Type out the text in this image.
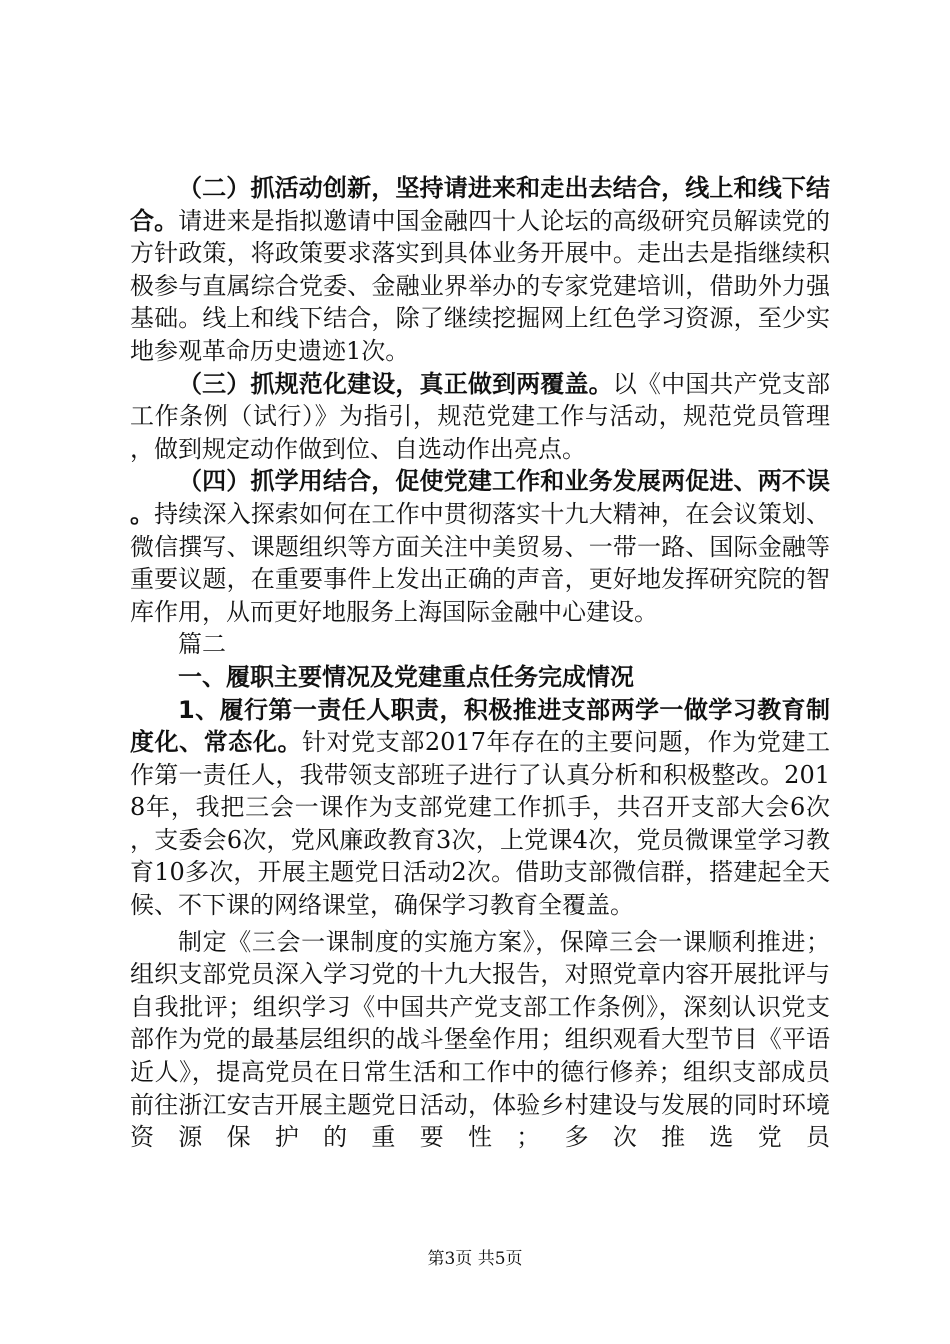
（二）抓活动创新，坚持请进来和走出去结合，线上和线下结合。请进来是指拟邀请中国金融四十人论坛的高级研究员解读党的方针政策，将政策要求落实到具体业务开展中。走出去是指继续积极参与直属综合党委、金融业界举办的专家党建培训，借助外力强基础。线上和线下结合，除了继续挖掘网上红色学习资源，至少实地参观革命历史遗迹1次。

（三）抓规范化建设，真正做到两覆盖。以《中国共产党支部工作条例（试行）》为指引，规范党建工作与活动，规范党员管理，做到规定动作做到位、自选动作出亮点。

（四）抓学用结合，促使党建工作和业务发展两促进、两不误。持续深入探索如何在工作中贯彻落实十九大精神，在会议策划、微信撰写、课题组织等方面关注中美贸易、一带一路、国际金融等重要议题，在重要事件上发出正确的声音，更好地发挥研究院的智库作用，从而更好地服务上海国际金融中心建设。

篇二

一、履职主要情况及党建重点任务完成情况

1、履行第一责任人职责，积极推进支部两学一做学习教育制度化、常态化。针对党支部2017年存在的主要问题，作为党建工作第一责任人，我带领支部班子进行了认真分析和积极整改。2018年，我把三会一课作为支部党建工作抓手，共召开支部大会6次，支委会6次，党风廉政教育3次，上党课4次，党员微课堂学习教育10多次，开展主题党日活动2次。借助支部微信群，搭建起全天候、不下课的网络课堂，确保学习教育全覆盖。

制定《三会一课制度的实施方案》，保障三会一课顺利推进；组织支部党员深入学习党的十九大报告，对照党章内容开展批评与自我批评；组织学习《中国共产党支部工作条例》，深刻认识党支部作为党的最基层组织的战斗堡垒作用；组织观看大型节目《平语近人》，提高党员在日常生活和工作中的德行修养；组织支部成员前往浙江安吉开展主题党日活动，体验乡村建设与发展的同时环境资源保护的重要性；多次推选党员

第3页 共5页
